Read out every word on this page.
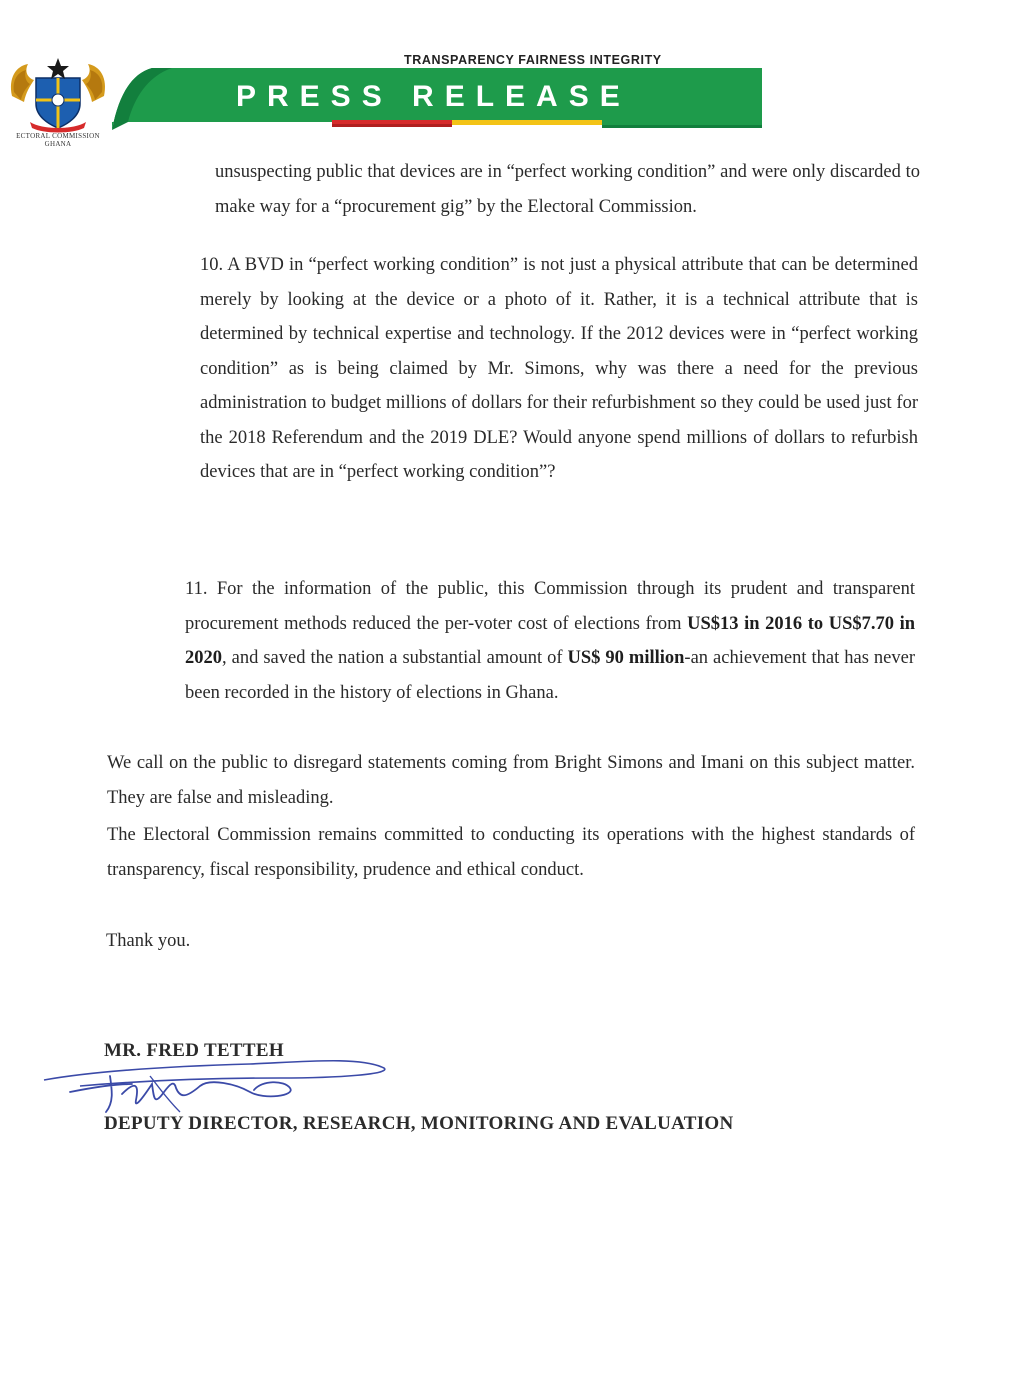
ECTORAL COMMISSION
GHANA
TRANSPARENCY FAIRNESS INTEGRITY
PRESS RELEASE
unsuspecting public that devices are in “perfect working condition” and were only discarded to make way for a “procurement gig” by the Electoral Commission.
10. A BVD in “perfect working condition” is not just a physical attribute that can be determined merely by looking at the device or a photo of it. Rather, it is a technical attribute that is determined by technical expertise and technology. If the 2012 devices were in “perfect working condition” as is being claimed by Mr. Simons, why was there a need for the previous administration to budget millions of dollars for their refurbishment so they could be used just for the 2018 Referendum and the 2019 DLE? Would anyone spend millions of dollars to refurbish devices that are in “perfect working condition”?
11. For the information of the public, this Commission through its prudent and transparent procurement methods reduced the per-voter cost of elections from US$13 in 2016 to US$7.70 in 2020, and saved the nation a substantial amount of US$ 90 million-an achievement that has never been recorded in the history of elections in Ghana.
We call on the public to disregard statements coming from Bright Simons and Imani on this subject matter. They are false and misleading.
The Electoral Commission remains committed to conducting its operations with the highest standards of transparency, fiscal responsibility, prudence and ethical conduct.
Thank you.
MR. FRED TETTEH
DEPUTY DIRECTOR, RESEARCH, MONITORING AND EVALUATION
